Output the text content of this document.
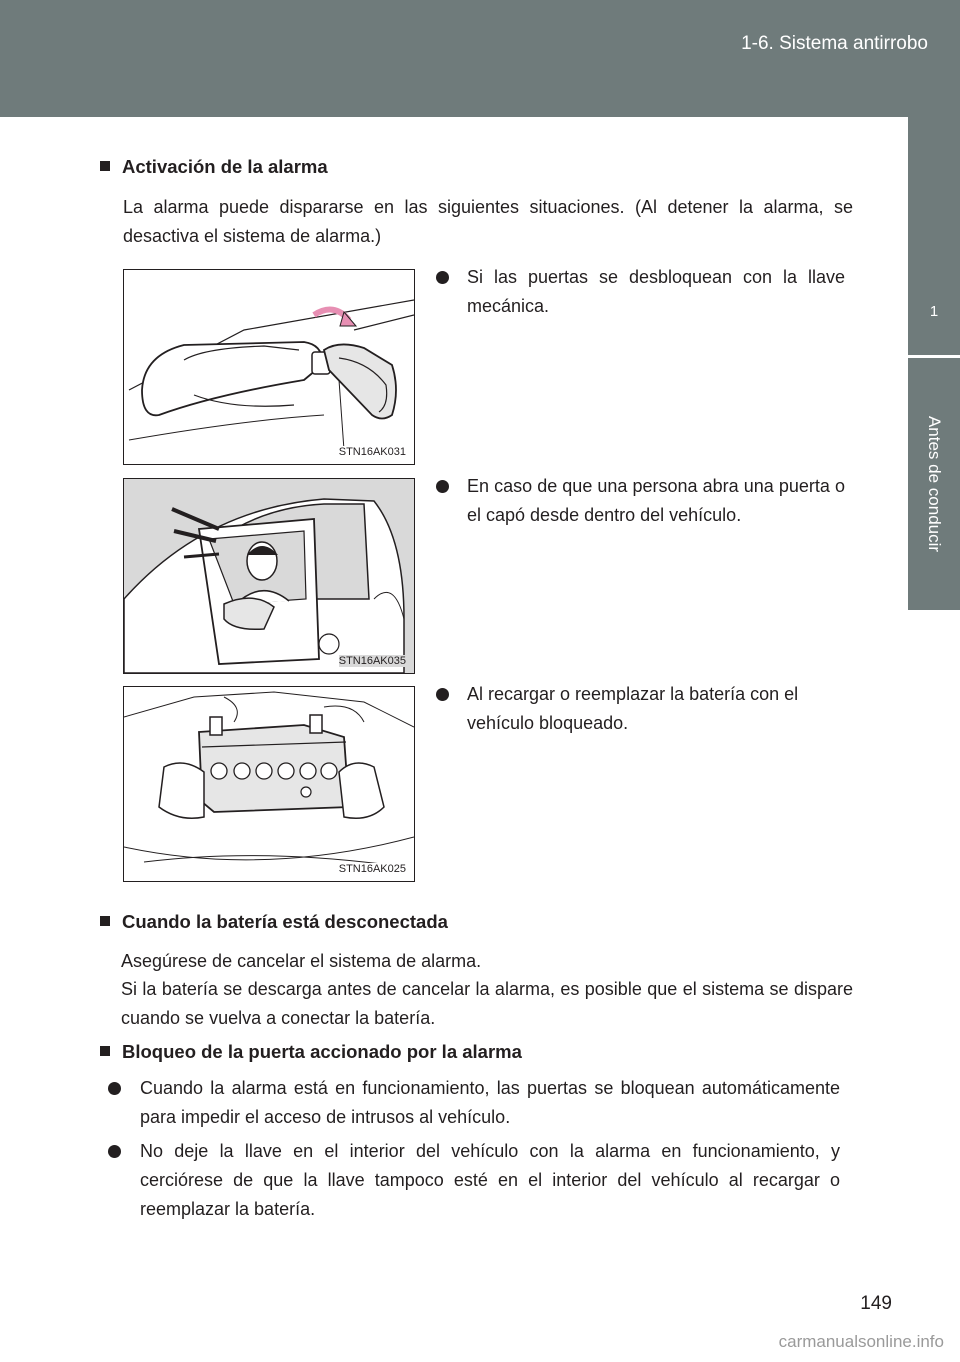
1-6. Sistema antirrobo
1
Antes de conducir
Activación de la alarma

La alarma puede dispararse en las siguientes situaciones. (Al detener la alarma, se desactiva el sistema de alarma.)

STN16AK031

Si las puertas se desbloquean con la llave mecánica.

STN16AK035

En caso de que una persona abra una puerta o el capó desde dentro del vehículo.

STN16AK025

Al recargar o reemplazar la batería con el vehículo bloqueado.

Cuando la batería está desconectada

Asegúrese de cancelar el sistema de alarma.

Si la batería se descarga antes de cancelar la alarma, es posible que el sistema se dispare cuando se vuelva a conectar la batería.

Bloqueo de la puerta accionado por la alarma

Cuando la alarma está en funcionamiento, las puertas se bloquean automáticamente para impedir el acceso de intrusos al vehículo.

No deje la llave en el interior del vehículo con la alarma en funcionamiento, y cerciórese de que la llave tampoco esté en el interior del vehículo al recargar o reemplazar la batería.

149
carmanualsonline.info
